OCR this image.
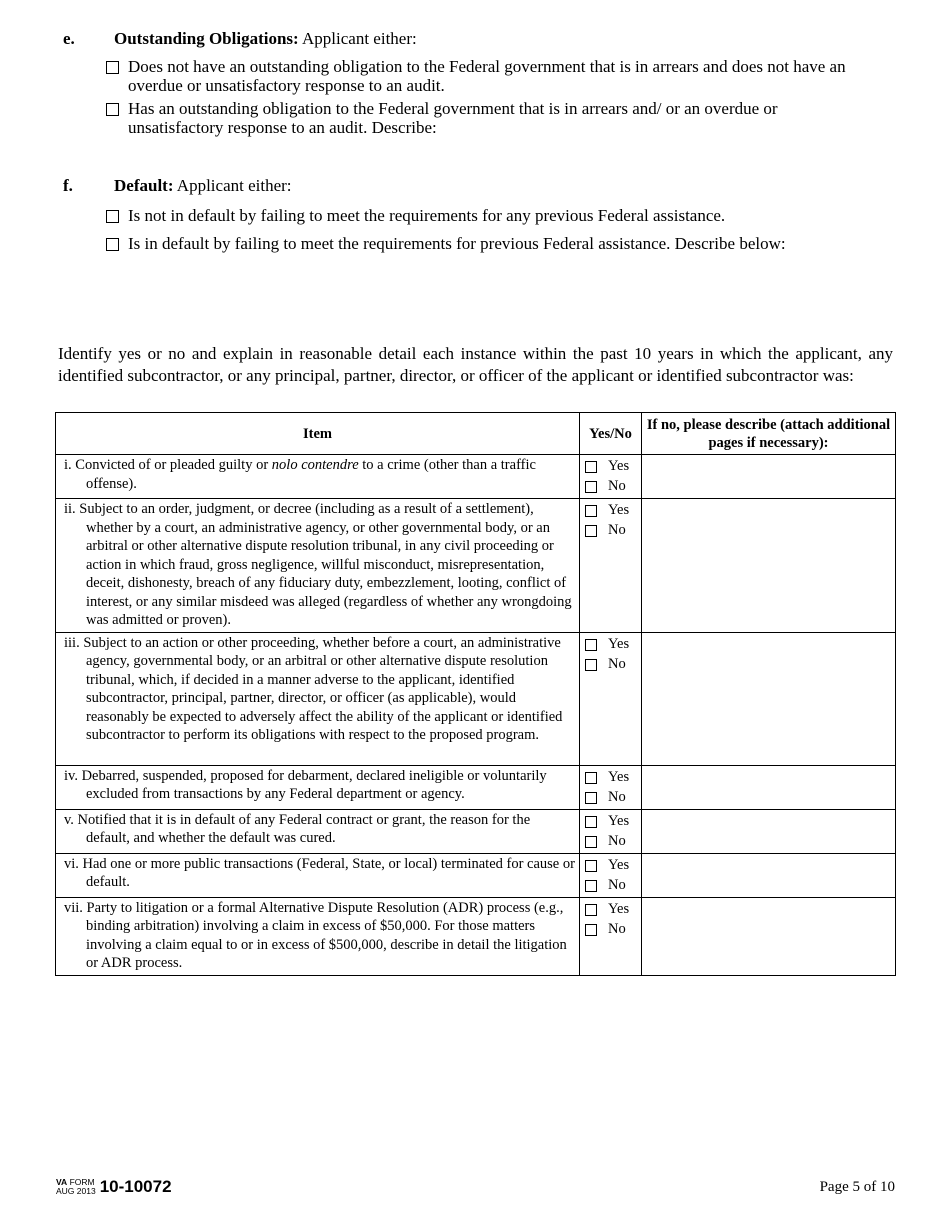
e. Outstanding Obligations: Applicant either:
Does not have an outstanding obligation to the Federal government that is in arrears and does not have an overdue or unsatisfactory response to an audit.
Has an outstanding obligation to the Federal government that is in arrears and/ or an overdue or unsatisfactory response to an audit. Describe:
f. Default: Applicant either:
Is not in default by failing to meet the requirements for any previous Federal assistance.
Is in default by failing to meet the requirements for previous Federal assistance. Describe below:
Identify yes or no and explain in reasonable detail each instance within the past 10 years in which the applicant, any identified subcontractor, or any principal, partner, director, or officer of the applicant or identified subcontractor was:
Item	Yes/No	If no, please describe (attach additional pages if necessary):

i. Convicted of or pleaded guilty or nolo contendre to a crime (other than a traffic offense).	Yes
No	

ii. Subject to an order, judgment, or decree (including as a result of a settlement), whether by a court, an administrative agency, or other governmental body, or an arbitral or other alternative dispute resolution tribunal, in any civil proceeding or action in which fraud, gross negligence, willful misconduct, misrepresentation, deceit, dishonesty, breach of any fiduciary duty, embezzlement, looting, conflict of interest, or any similar misdeed was alleged (regardless of whether any wrongdoing was admitted or proven).	Yes
No	

iii. Subject to an action or other proceeding, whether before a court, an administrative agency, governmental body, or an arbitral or other alternative dispute resolution tribunal, which, if decided in a manner adverse to the applicant, identified subcontractor, principal, partner, director, or officer (as applicable), would reasonably be expected to adversely affect the ability of the applicant or identified subcontractor to perform its obligations with respect to the proposed program.	Yes
No	

iv. Debarred, suspended, proposed for debarment, declared ineligible or voluntarily excluded from transactions by any Federal department or agency.	Yes
No	

v. Notified that it is in default of any Federal contract or grant, the reason for the default, and whether the default was cured.	Yes
No	

vi. Had one or more public transactions (Federal, State, or local) terminated for cause or default.	Yes
No	

vii. Party to litigation or a formal Alternative Dispute Resolution (ADR) process (e.g., binding arbitration) involving a claim in excess of $50,000. For those matters involving a claim equal to or in excess of $500,000, describe in detail the litigation or ADR process.	Yes
No	

VA FORM
AUG 2013 10-10072	Page 5 of 10
